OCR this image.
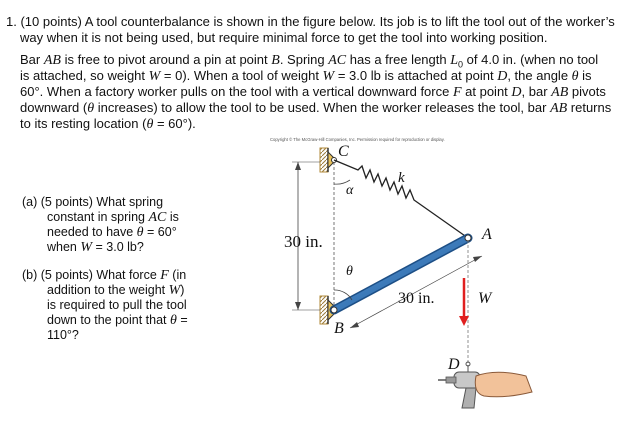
1. (10 points) A tool counterbalance is shown in the figure below. Its job is to lift the tool out of the worker’s
way when it is not being used, but require minimal force to get the tool into working position.
Bar AB is free to pivot around a pin at point B. Spring AC has a free length $L_0$ of 4.0 in. (when no tool
is attached, so weight W = 0). When a tool of weight W = 3.0 lb is attached at point D, the angle θ is
60°. When a factory worker pulls on the tool with a vertical downward force F at point D, bar AB pivots
downward (θ increases) to allow the tool to be used. When the worker releases the tool, bar AB returns
to its resting location (θ = 60°).
(a) (5 points) What spring
constant in spring AC is
needed to have θ = 60°
when W = 3.0 lb?
(b) (5 points) What force F (in
addition to the weight W)
is required to pull the tool
down to the point that θ =
110°?
Copyright © The McGraw-Hill Companies, Inc. Permission required for reproduction or display.
C
k
α
A
30 in.
θ
30 in.	W
B
D
